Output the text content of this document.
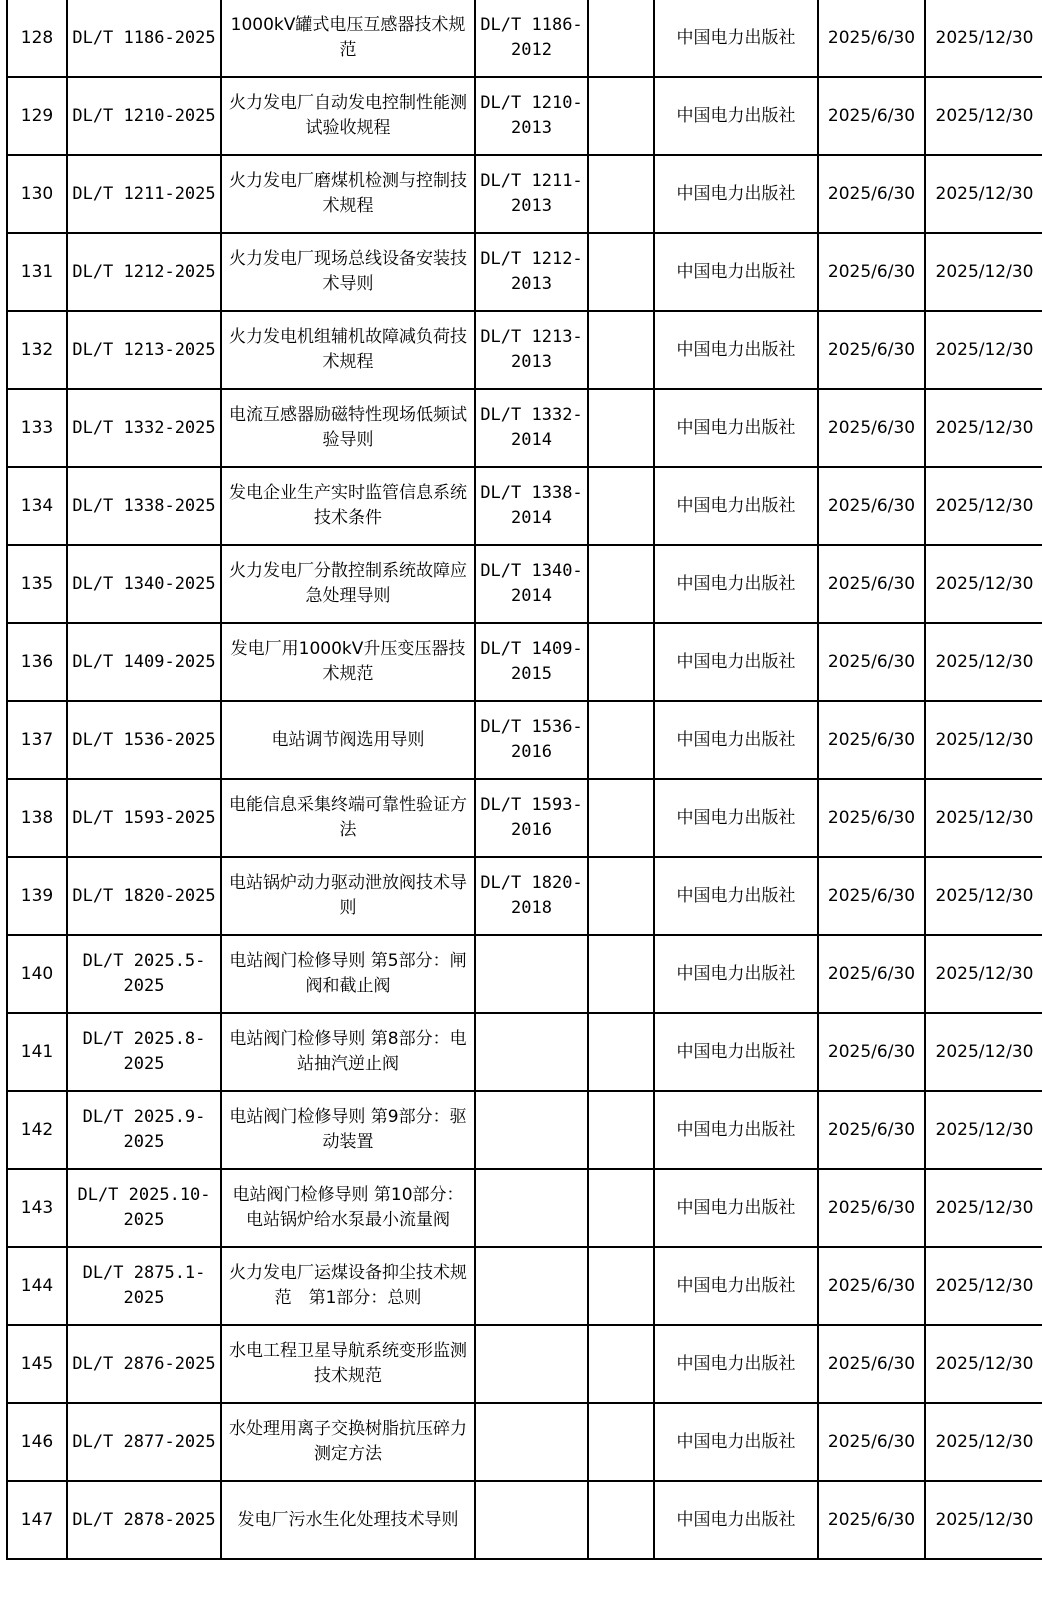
128	DL/T 1186-2025	1000kV罐式电压互感器技术规范	DL/T 1186-2012		中国电力出版社	2025/6/30	2025/12/30
129	DL/T 1210-2025	火力发电厂自动发电控制性能测试验收规程	DL/T 1210-2013		中国电力出版社	2025/6/30	2025/12/30
130	DL/T 1211-2025	火力发电厂磨煤机检测与控制技术规程	DL/T 1211-2013		中国电力出版社	2025/6/30	2025/12/30
131	DL/T 1212-2025	火力发电厂现场总线设备安装技术导则	DL/T 1212-2013		中国电力出版社	2025/6/30	2025/12/30
132	DL/T 1213-2025	火力发电机组辅机故障减负荷技术规程	DL/T 1213-2013		中国电力出版社	2025/6/30	2025/12/30
133	DL/T 1332-2025	电流互感器励磁特性现场低频试验导则	DL/T 1332-2014		中国电力出版社	2025/6/30	2025/12/30
134	DL/T 1338-2025	发电企业生产实时监管信息系统技术条件	DL/T 1338-2014		中国电力出版社	2025/6/30	2025/12/30
135	DL/T 1340-2025	火力发电厂分散控制系统故障应急处理导则	DL/T 1340-2014		中国电力出版社	2025/6/30	2025/12/30
136	DL/T 1409-2025	发电厂用1000kV升压变压器技术规范	DL/T 1409-2015		中国电力出版社	2025/6/30	2025/12/30
137	DL/T 1536-2025	电站调节阀选用导则	DL/T 1536-2016		中国电力出版社	2025/6/30	2025/12/30
138	DL/T 1593-2025	电能信息采集终端可靠性验证方法	DL/T 1593-2016		中国电力出版社	2025/6/30	2025/12/30
139	DL/T 1820-2025	电站锅炉动力驱动泄放阀技术导则	DL/T 1820-2018		中国电力出版社	2025/6/30	2025/12/30
140	DL/T 2025.5-2025	电站阀门检修导则 第5部分：闸阀和截止阀			中国电力出版社	2025/6/30	2025/12/30
141	DL/T 2025.8-2025	电站阀门检修导则 第8部分：电站抽汽逆止阀			中国电力出版社	2025/6/30	2025/12/30
142	DL/T 2025.9-2025	电站阀门检修导则 第9部分：驱动装置			中国电力出版社	2025/6/30	2025/12/30
143	DL/T 2025.10-2025	电站阀门检修导则 第10部分：电站锅炉给水泵最小流量阀			中国电力出版社	2025/6/30	2025/12/30
144	DL/T 2875.1-2025	火力发电厂运煤设备抑尘技术规范　第1部分：总则			中国电力出版社	2025/6/30	2025/12/30
145	DL/T 2876-2025	水电工程卫星导航系统变形监测技术规范			中国电力出版社	2025/6/30	2025/12/30
146	DL/T 2877-2025	水处理用离子交换树脂抗压碎力测定方法			中国电力出版社	2025/6/30	2025/12/30
147	DL/T 2878-2025	发电厂污水生化处理技术导则			中国电力出版社	2025/6/30	2025/12/30
